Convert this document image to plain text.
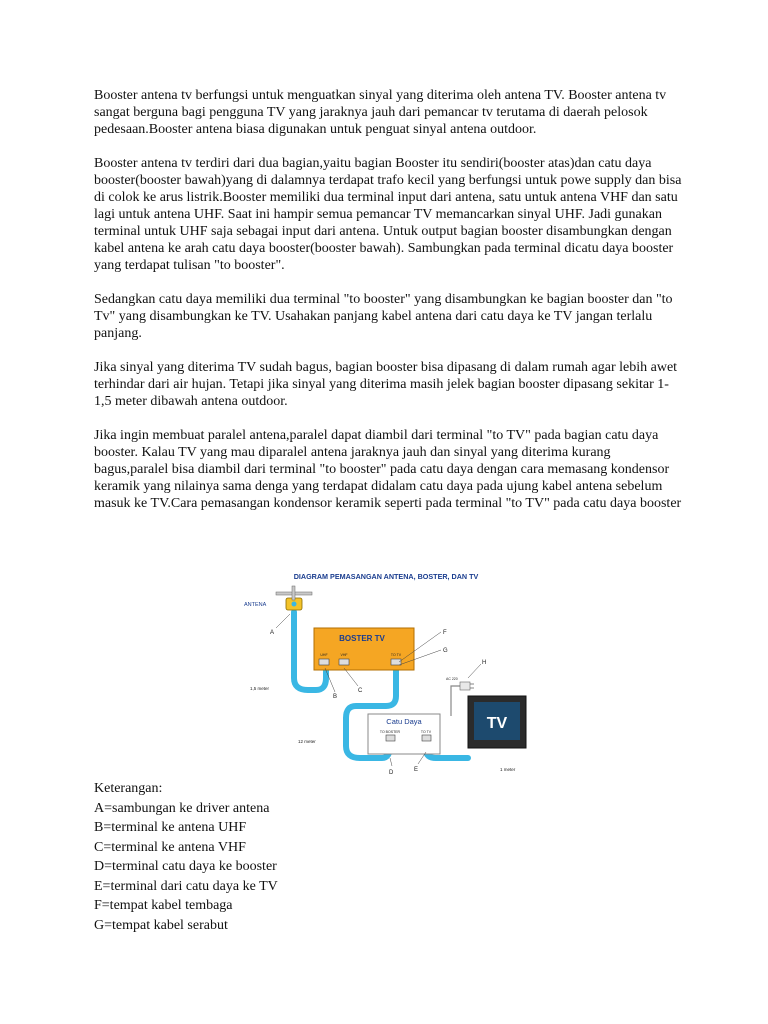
Booster antena tv berfungsi untuk menguatkan sinyal yang diterima oleh antena TV. Booster antena tv sangat berguna bagi pengguna TV yang jaraknya jauh dari pemancar tv terutama di daerah pelosok pedesaan.Booster antena biasa digunakan untuk penguat sinyal antena outdoor.

Booster antena tv terdiri dari dua bagian,yaitu bagian Booster itu sendiri(booster atas)dan catu daya booster(booster bawah)yang di dalamnya terdapat trafo kecil yang berfungsi untuk powe supply dan bisa di colok ke arus listrik.Booster memiliki dua terminal input dari antena, satu untuk antena VHF dan satu lagi untuk antena UHF. Saat ini hampir semua pemancar TV memancarkan sinyal UHF. Jadi gunakan terminal untuk UHF saja sebagai input dari antena. Untuk output bagian booster disambungkan dengan kabel antena ke arah catu daya booster(booster bawah). Sambungkan pada terminal dicatu daya booster yang terdapat tulisan "to booster".

Sedangkan catu daya memiliki dua terminal "to booster" yang disambungkan ke bagian booster dan "to Tv" yang disambungkan ke TV. Usahakan panjang kabel antena dari catu daya ke TV jangan terlalu panjang.

Jika sinyal yang diterima TV sudah bagus, bagian booster bisa dipasang di dalam rumah agar lebih awet terhindar dari air hujan. Tetapi jika sinyal yang diterima masih jelek bagian booster dipasang sekitar 1-1,5 meter dibawah antena outdoor.

Jika ingin membuat paralel antena,paralel dapat diambil dari terminal "to TV" pada bagian catu daya booster. Kalau TV yang mau diparalel antena jaraknya jauh dan sinyal yang diterima kurang bagus,paralel bisa diambil dari terminal "to booster" pada catu daya dengan cara memasang kondensor keramik yang nilainya sama denga yang terdapat didalam catu daya pada ujung kabel antena sebelum masuk ke TV.Cara pemasangan kondensor keramik seperti pada terminal "to TV" pada catu daya booster

DIAGRAM PEMASANGAN ANTENA, BOSTER, DAN TV
ANTENA
BOSTER TV
UHF	VHF	TO TV
Catu Daya
TO BOSTER	TO TV
AC 220
TV
1,5 meter
12 meter
1 meter
A
B
C
D	E
F
G
H
Keterangan:
A=sambungan ke driver antena
B=terminal ke antena UHF
C=terminal ke antena VHF
D=terminal catu daya ke booster
E=terminal dari catu daya ke TV
F=tempat kabel tembaga
G=tempat kabel serabut
